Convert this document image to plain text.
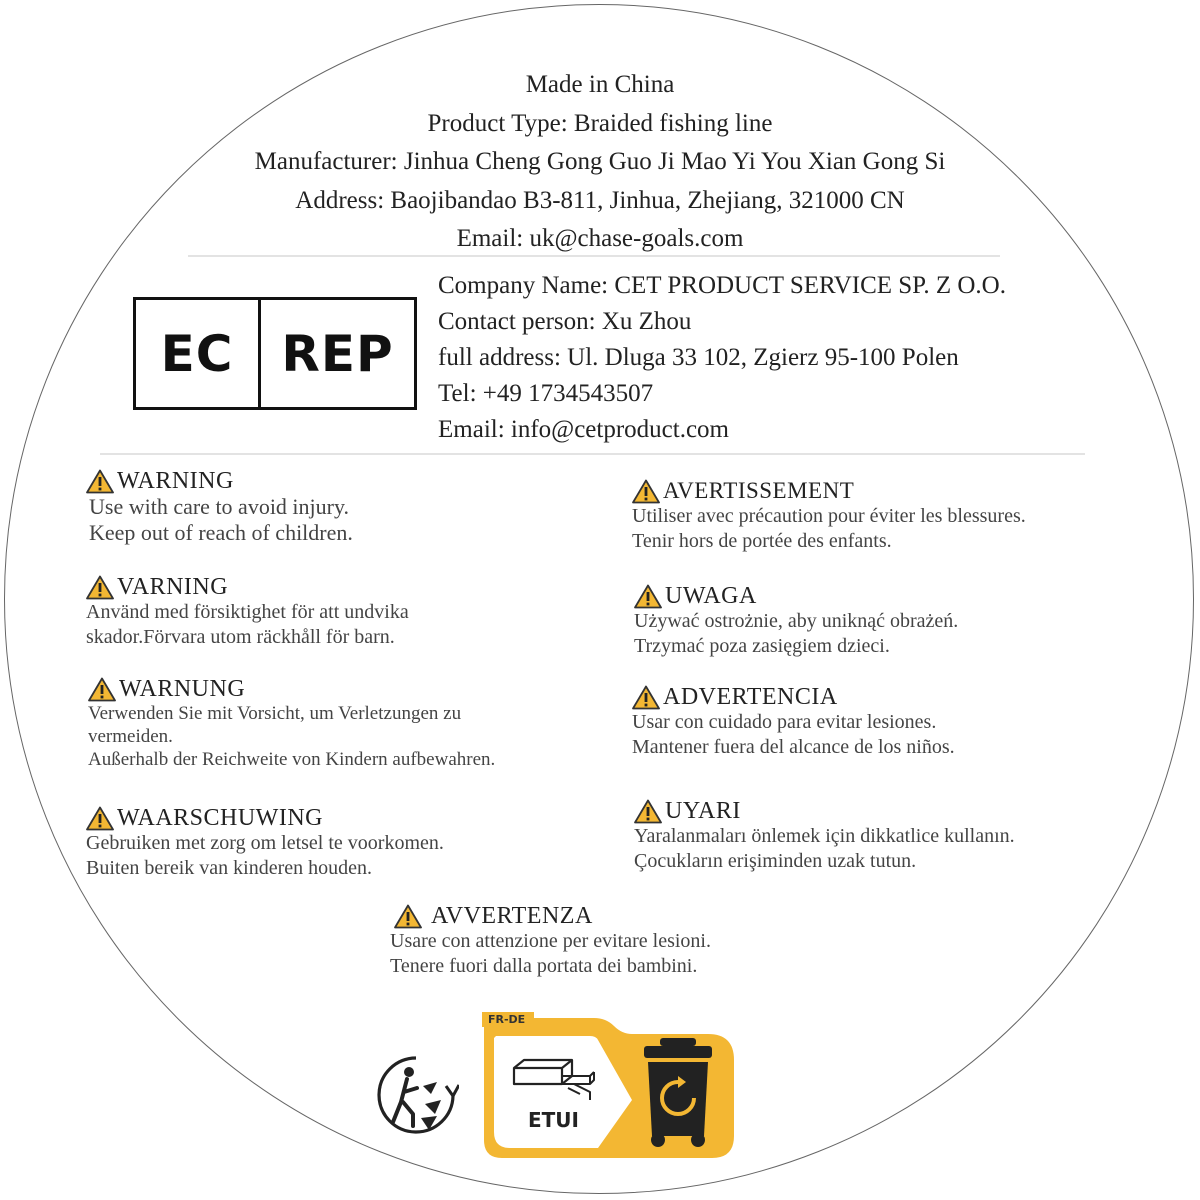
Made in China
Product Type: Braided fishing line
Manufacturer: Jinhua Cheng Gong Guo Ji Mao Yi You Xian Gong Si
Address: Baojibandao B3-811, Jinhua, Zhejiang, 321000 CN
Email: uk@chase-goals.com
EC REP
Company Name: CET PRODUCT SERVICE SP. Z O.O.
Contact person: Xu Zhou
full address: Ul. Dluga 33 102, Zgierz 95-100 Polen
Tel: +49 1734543507
Email: info@cetproduct.com
WARNING
Use with care to avoid injury.
Keep out of reach of children.
VARNING
Använd med försiktighet för att undvika
skador.Förvara utom räckhåll för barn.
WARNUNG
Verwenden Sie mit Vorsicht, um Verletzungen zu
vermeiden.
Außerhalb der Reichweite von Kindern aufbewahren.
WAARSCHUWING
Gebruiken met zorg om letsel te voorkomen.
Buiten bereik van kinderen houden.
AVERTISSEMENT
Utiliser avec précaution pour éviter les blessures.
Tenir hors de portée des enfants.
UWAGA
Używać ostrożnie, aby uniknąć obrażeń.
Trzymać poza zasięgiem dzieci.
ADVERTENCIA
Usar con cuidado para evitar lesiones.
Mantener fuera del alcance de los niños.
UYARI
Yaralanmaları önlemek için dikkatlice kullanın.
Çocukların erişiminden uzak tutun.
AVVERTENZA
Usare con attenzione per evitare lesioni.
Tenere fuori dalla portata dei bambini.
FR-DE
ETUI
